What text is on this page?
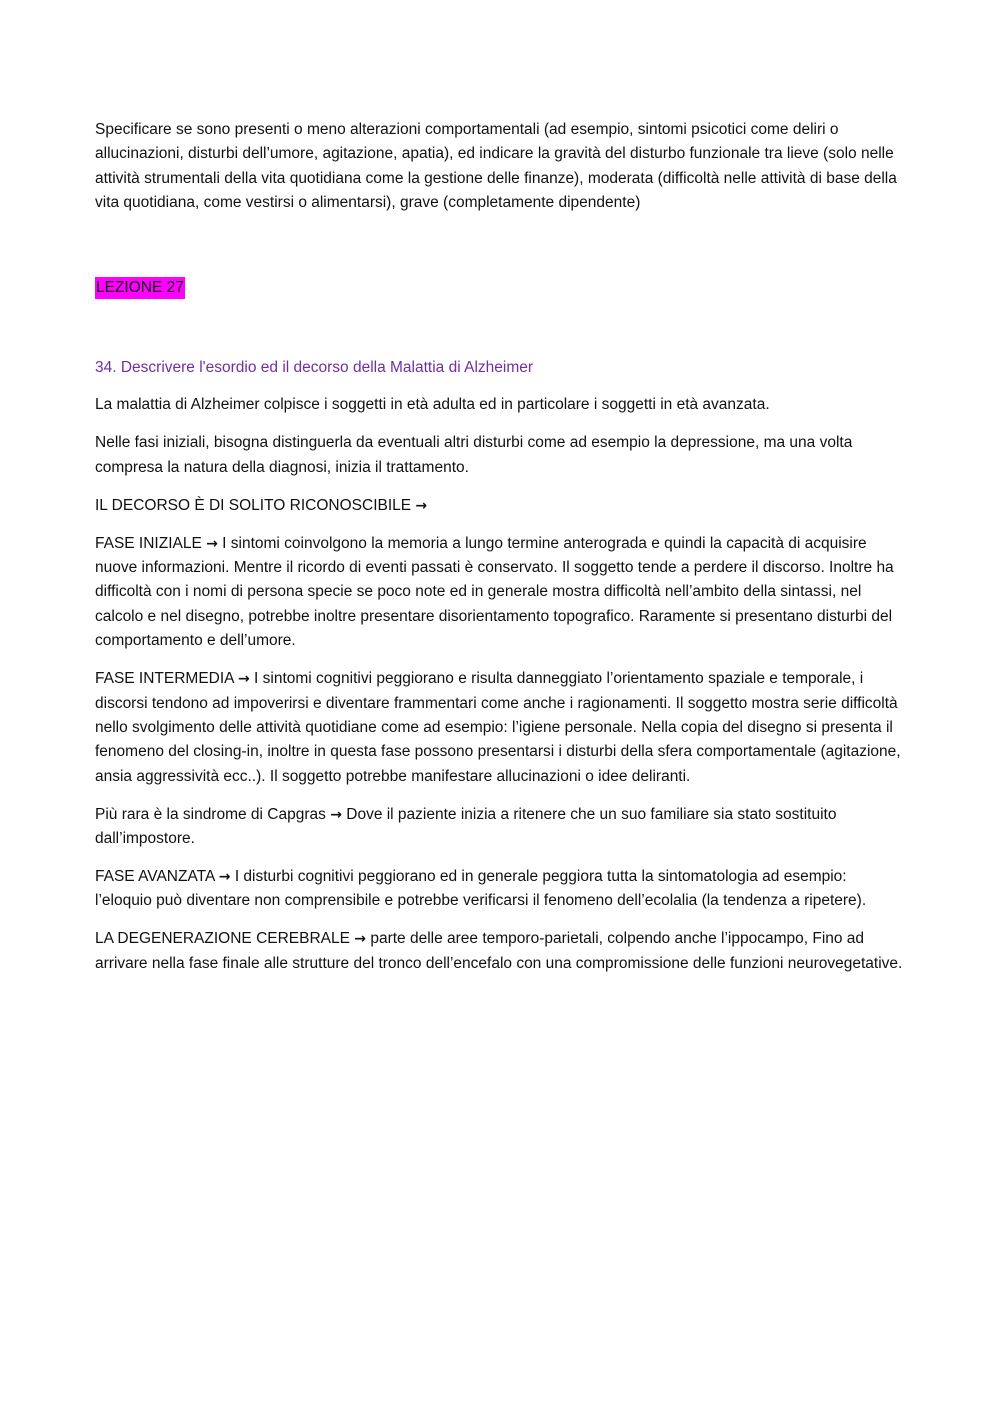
Specificare se sono presenti o meno alterazioni comportamentali (ad esempio, sintomi psicotici come deliri o allucinazioni, disturbi dell’umore, agitazione, apatia), ed indicare la gravità del disturbo funzionale tra lieve (solo nelle attività strumentali della vita quotidiana come la gestione delle finanze), moderata (difficoltà nelle attività di base della vita quotidiana, come vestirsi o alimentarsi), grave (completamente dipendente)

LEZIONE 27

34. Descrivere l'esordio ed il decorso della Malattia di Alzheimer

La malattia di Alzheimer colpisce i soggetti in età adulta ed in particolare i soggetti in età avanzata.

Nelle fasi iniziali, bisogna distinguerla da eventuali altri disturbi come ad esempio la depressione, ma una volta compresa la natura della diagnosi, inizia il trattamento.

IL DECORSO È DI SOLITO RICONOSCIBILE →

FASE INIZIALE → I sintomi coinvolgono la memoria a lungo termine anterograda e quindi la capacità di acquisire nuove informazioni. Mentre il ricordo di eventi passati è conservato. Il soggetto tende a perdere il discorso. Inoltre ha difficoltà con i nomi di persona specie se poco note ed in generale mostra difficoltà nell’ambito della sintassi, nel calcolo e nel disegno, potrebbe inoltre presentare disorientamento topografico. Raramente si presentano disturbi del comportamento e dell’umore.

FASE INTERMEDIA → I sintomi cognitivi peggiorano e risulta danneggiato l’orientamento spaziale e temporale, i discorsi tendono ad impoverirsi e diventare frammentari come anche i ragionamenti. Il soggetto mostra serie difficoltà nello svolgimento delle attività quotidiane come ad esempio: l’igiene personale. Nella copia del disegno si presenta il fenomeno del closing-in, inoltre in questa fase possono presentarsi i disturbi della sfera comportamentale (agitazione, ansia aggressività ecc..). Il soggetto potrebbe manifestare allucinazioni o idee deliranti.

Più rara è la sindrome di Capgras → Dove il paziente inizia a ritenere che un suo familiare sia stato sostituito dall’impostore.

FASE AVANZATA → I disturbi cognitivi peggiorano ed in generale peggiora tutta la sintomatologia ad esempio: l’eloquio può diventare non comprensibile e potrebbe verificarsi il fenomeno dell’ecolalia (la tendenza a ripetere).

LA DEGENERAZIONE CEREBRALE → parte delle aree temporo-parietali, colpendo anche l’ippocampo, Fino ad arrivare nella fase finale alle strutture del tronco dell’encefalo con una compromissione delle funzioni neurovegetative.
